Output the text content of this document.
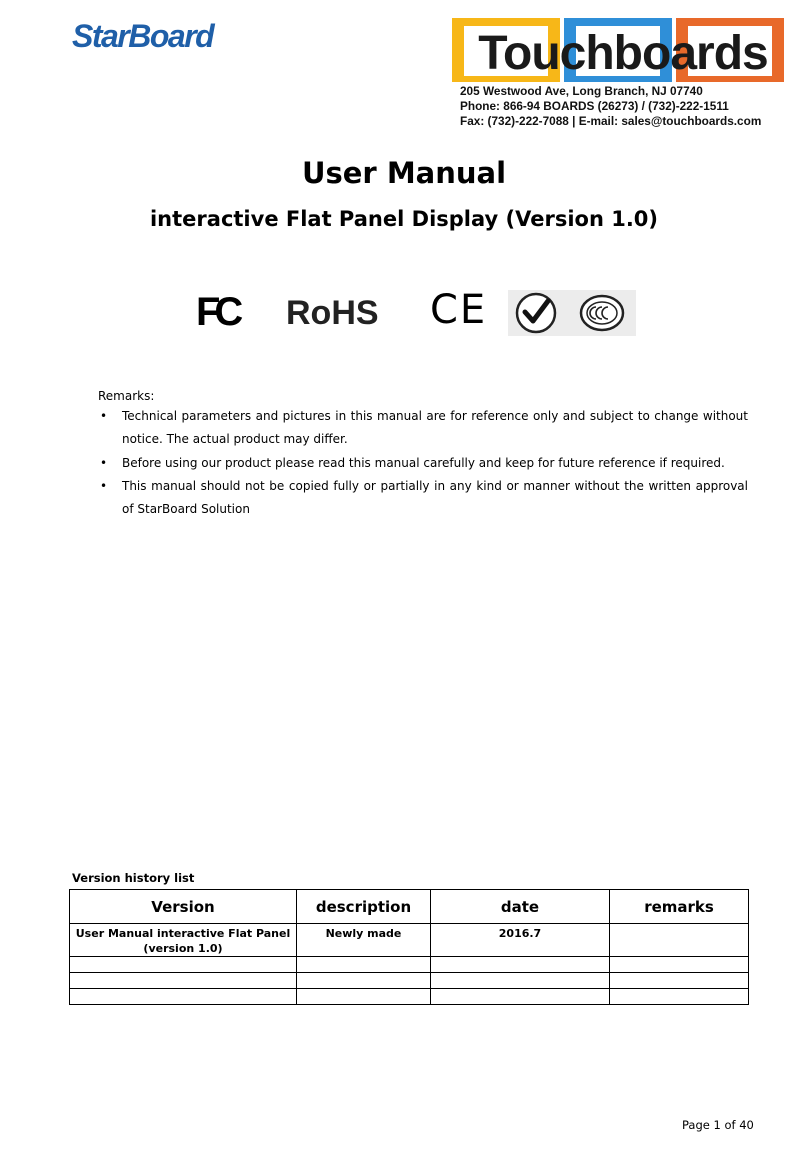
StarBoard	Touchboards
205 Westwood Ave, Long Branch, NJ 07740
Phone: 866-94 BOARDS (26273) / (732)-222-1511
Fax: (732)-222-7088 | E-mail: sales@touchboards.com
User Manual
interactive Flat Panel Display (Version 1.0)
FC RoHS CE
Remarks:
• Technical parameters and pictures in this manual are for reference only and subject to change without notice. The actual product may differ.
• Before using our product please read this manual carefully and keep for future reference if required.
• This manual should not be copied fully or partially in any kind or manner without the written approval of StarBoard Solution
Version history list
Version	description	date	remarks
User Manual interactive Flat Panel (version 1.0)	Newly made	2016.7	

Page 1 of 40
